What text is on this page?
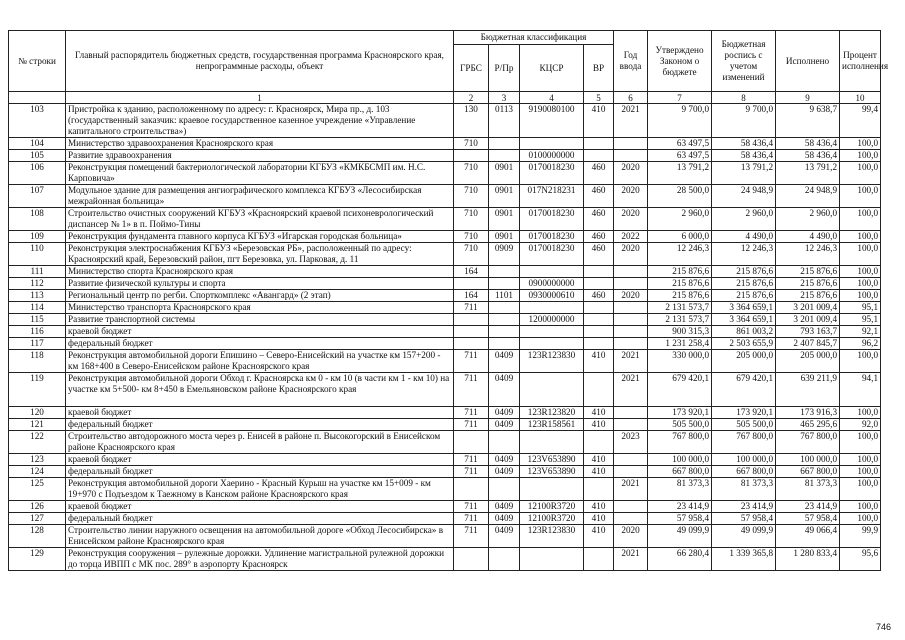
№ строки	Главный распорядитель бюджетных средств, государственная программа Красноярского края, непрограммные расходы, объект	Бюджетная классификация				Год ввода	Утверждено Законом о бюджете	Бюджетная роспись с учетом изменений	Исполнено	Процент исполнения
		ГРБС	Р/Пр	КЦСР	ВР					
	1	2	3	4	5	6	7	8	9	10
103	Пристройка к зданию, расположенному по адресу: г. Красноярск, Мира пр., д. 103 (государственный заказчик: краевое государственное казенное учреждение «Управление капитального строительства»)	130	0113	9190080100	410	2021	9 700,0	9 700,0	9 638,7	99,4
104	Министерство здравоохранения Красноярского края	710					63 497,5	58 436,4	58 436,4	100,0
105	Развитие здравоохранения			0100000000			63 497,5	58 436,4	58 436,4	100,0
106	Реконструкция помещений бактериологической лаборатории КГБУЗ «КМКБСМП им. Н.С. Карповича»	710	0901	0170018230	460	2020	13 791,2	13 791,2	13 791,2	100,0
107	Модульное здание для размещения ангиографического комплекса КГБУЗ «Лесосибирская межрайонная больница»	710	0901	017N218231	460	2020	28 500,0	24 948,9	24 948,9	100,0
108	Строительство очистных сооружений КГБУЗ «Красноярский краевой психоневрологический диспансер № 1» в п. Поймо-Тины	710	0901	0170018230	460	2020	2 960,0	2 960,0	2 960,0	100,0
109	Реконструкция фундамента главного корпуса КГБУЗ «Игарская городская больница»	710	0901	0170018230	460	2022	6 000,0	4 490,0	4 490,0	100,0
110	Реконструкция электроснабжения КГБУЗ «Березовская РБ», расположенный по адресу: Красноярский край, Березовский район, пгт Березовка, ул. Парковая, д. 11	710	0909	0170018230	460	2020	12 246,3	12 246,3	12 246,3	100,0
111	Министерство спорта Красноярского края	164					215 876,6	215 876,6	215 876,6	100,0
112	Развитие физической культуры и спорта			0900000000			215 876,6	215 876,6	215 876,6	100,0
113	Региональный центр по регби. Спорткомплекс «Авангард» (2 этап)	164	1101	0930000610	460	2020	215 876,6	215 876,6	215 876,6	100,0
114	Министерство транспорта Красноярского края	711					2 131 573,7	3 364 659,1	3 201 009,4	95,1
115	Развитие транспортной системы			1200000000			2 131 573,7	3 364 659,1	3 201 009,4	95,1
116	краевой бюджет						900 315,3	861 003,2	793 163,7	92,1
117	федеральный бюджет						1 231 258,4	2 503 655,9	2 407 845,7	96,2
118	Реконструкция автомобильной дороги Епишино – Северо-Енисейский на участке км 157+200 - км 168+400 в Северо-Енисейском районе Красноярского края	711	0409	123R123830	410	2021	330 000,0	205 000,0	205 000,0	100,0
119	Реконструкция автомобильной дороги Обход г. Красноярска км 0 - км 10 (в части км 1 - км 10) на участке км 5+500- км 8+450 в Емельяновском районе Красноярского края	711	0409			2021	679 420,1	679 420,1	639 211,9	94,1
120	краевой бюджет	711	0409	123R123820	410		173 920,1	173 920,1	173 916,3	100,0
121	федеральный бюджет	711	0409	123R158561	410		505 500,0	505 500,0	465 295,6	92,0
122	Строительство автодорожного моста через р. Енисей в районе п. Высокогорский в Енисейском районе Красноярского края					2023	767 800,0	767 800,0	767 800,0	100,0
123	краевой бюджет	711	0409	123V653890	410		100 000,0	100 000,0	100 000,0	100,0
124	федеральный бюджет	711	0409	123V653890	410		667 800,0	667 800,0	667 800,0	100,0
125	Реконструкция автомобильной дороги Хаерино - Красный Курыш на участке км 15+009 - км 19+970 с Подъездом к Таежному в Канском районе Красноярского края					2021	81 373,3	81 373,3	81 373,3	100,0
126	краевой бюджет	711	0409	12100R3720	410		23 414,9	23 414,9	23 414,9	100,0
127	федеральный бюджет	711	0409	12100R3720	410		57 958,4	57 958,4	57 958,4	100,0
128	Строительство линии наружного освещения на автомобильной дороге «Обход Лесосибирска» в Енисейском районе Красноярского края	711	0409	123R123830	410	2020	49 099,9	49 099,9	49 066,4	99,9
129	Реконструкция сооружения – рулежные дорожки. Удлинение магистральной рулежной дорожки до торца ИВПП с МК пос. 289° в аэропорту Красноярск					2021	66 280,4	1 339 365,8	1 280 833,4	95,6
746
